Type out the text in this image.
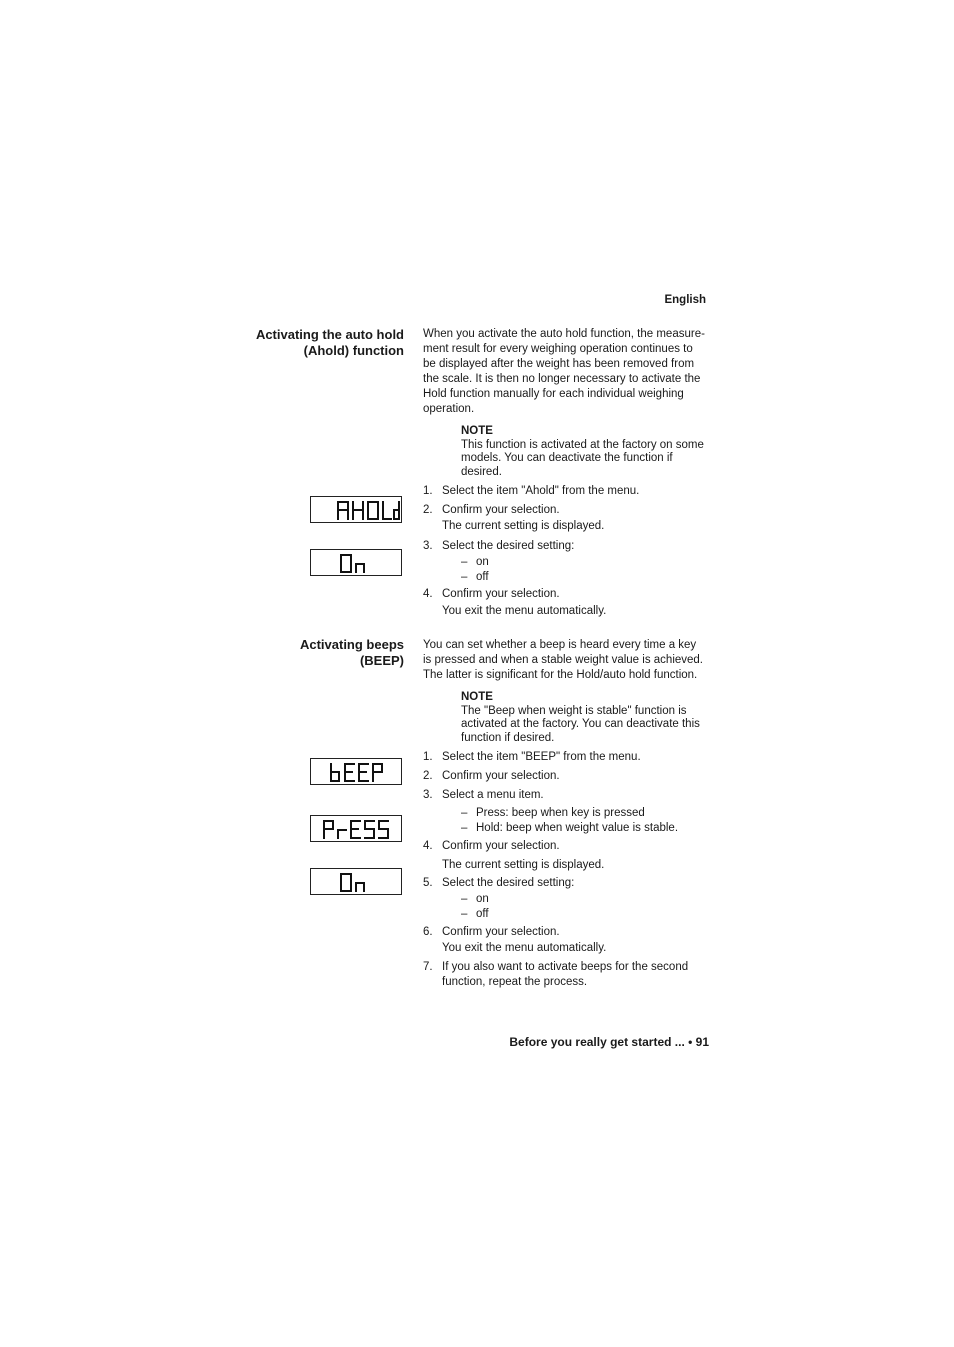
English
Activating the auto hold
(Ahold) function
When you activate the auto hold function, the measure-
ment result for every weighing operation continues to
be displayed after the weight has been removed from
the scale. It is then no longer necessary to activate the
Hold function manually for each individual weighing
operation.
NOTE
This function is activated at the factory on some
models. You can deactivate the function if
desired.
1. Select the item "Ahold" from the menu.
2. Confirm your selection.
The current setting is displayed.
3. Select the desired setting:
– on
– off
4. Confirm your selection.
You exit the menu automatically.
Activating beeps
(BEEP)
You can set whether a beep is heard every time a key
is pressed and when a stable weight value is achieved.
The latter is significant for the Hold/auto hold function.
NOTE
The "Beep when weight is stable" function is
activated at the factory. You can deactivate this
function if desired.
1. Select the item "BEEP" from the menu.
2. Confirm your selection.
3. Select a menu item.
– Press: beep when key is pressed
– Hold: beep when weight value is stable.
4. Confirm your selection.
The current setting is displayed.
5. Select the desired setting:
– on
– off
6. Confirm your selection.
You exit the menu automatically.
7. If you also want to activate beeps for the second
function, repeat the process.
Before you really get started ... • 91
